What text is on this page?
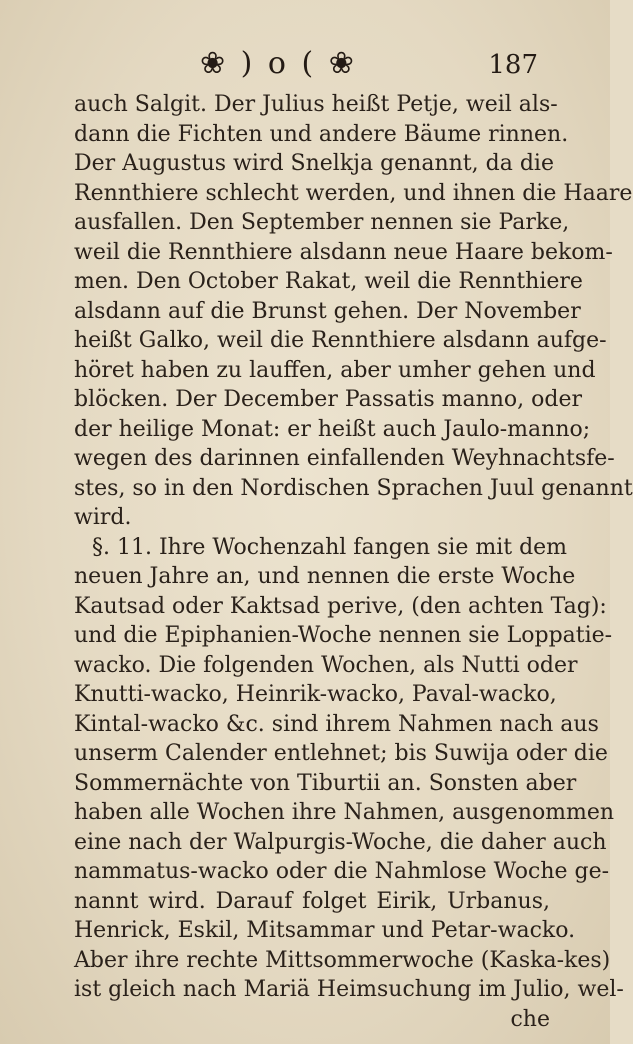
❀ ) o ( ❀	187
auch Salgit. Der Julius heißt Petje, weil als-
dann die Fichten und andere Bäume rinnen.
Der Augustus wird Snelkja genannt, da die
Rennthiere schlecht werden, und ihnen die Haare
ausfallen. Den September nennen sie Parke,
weil die Rennthiere alsdann neue Haare bekom-
men. Den October Rakat, weil die Rennthiere
alsdann auf die Brunst gehen. Der November
heißt Galko, weil die Rennthiere alsdann aufge-
höret haben zu lauffen, aber umher gehen und
blöcken. Der December Passatis manno, oder
der heilige Monat: er heißt auch Jaulo-manno;
wegen des darinnen einfallenden Weyhnachtsfe-
stes, so in den Nordischen Sprachen Juul genannt
wird.
§. 11. Ihre Wochenzahl fangen sie mit dem
neuen Jahre an, und nennen die erste Woche
Kautsad oder Kaktsad perive, (den achten Tag):
und die Epiphanien-Woche nennen sie Loppatie-
wacko. Die folgenden Wochen, als Nutti oder
Knutti-wacko, Heinrik-wacko, Paval-wacko,
Kintal-wacko &c. sind ihrem Nahmen nach aus
unserm Calender entlehnet; bis Suwija oder die
Sommernächte von Tiburtii an. Sonsten aber
haben alle Wochen ihre Nahmen, ausgenommen
eine nach der Walpurgis-Woche, die daher auch
nammatus-wacko oder die Nahmlose Woche ge-
nannt wird. Darauf folget Eirik, Urbanus,
Henrick, Eskil, Mitsammar und Petar-wacko.
Aber ihre rechte Mittsommerwoche (Kaska-kes)
ist gleich nach Mariä Heimsuchung im Julio, wel-
che
